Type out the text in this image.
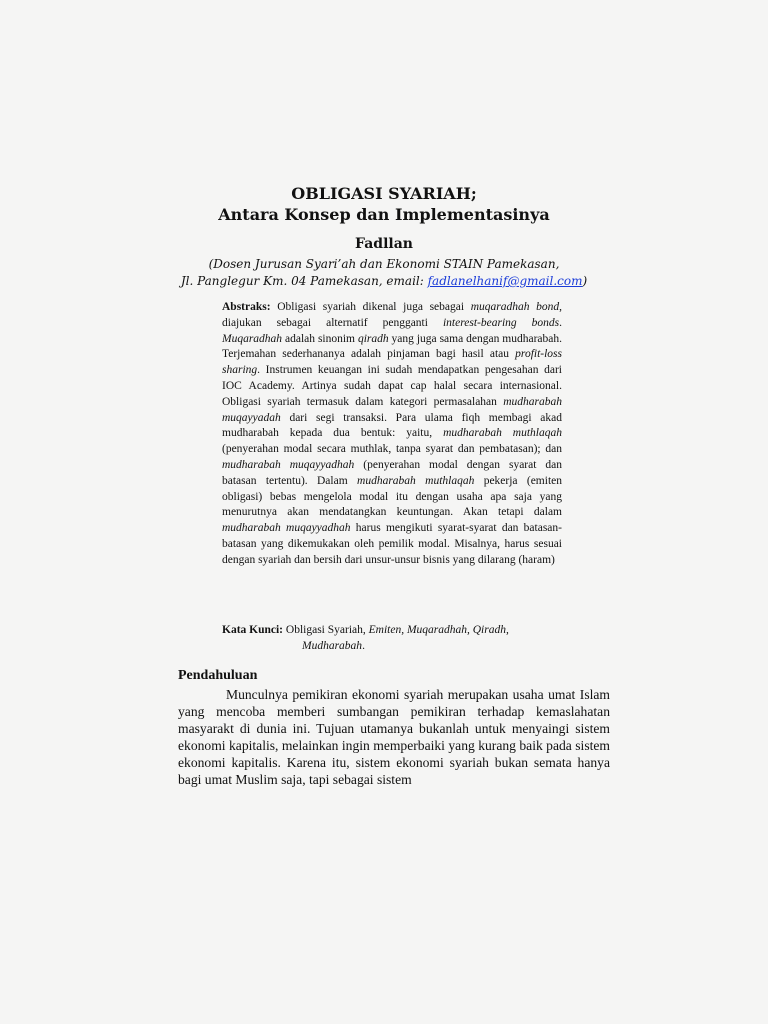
OBLIGASI SYARIAH;

Antara Konsep dan Implementasinya

Fadllan
(Dosen Jurusan Syari’ah dan Ekonomi STAIN Pamekasan,
Jl. Panglegur Km. 04 Pamekasan, email: fadlanelhanif@gmail.com)
Abstraks: Obligasi syariah dikenal juga sebagai muqaradhah bond, diajukan sebagai alternatif pengganti interest-bearing bonds. Muqaradhah adalah sinonim qiradh yang juga sama dengan mudharabah. Terjemahan sederhananya adalah pinjaman bagi hasil atau profit-loss sharing. Instrumen keuangan ini sudah mendapatkan pengesahan dari IOC Academy. Artinya sudah dapat cap halal secara internasional. Obligasi syariah termasuk dalam kategori permasalahan mudharabah muqayyadah dari segi transaksi. Para ulama fiqh membagi akad mudharabah kepada dua bentuk: yaitu, mudharabah muthlaqah (penyerahan modal secara muthlak, tanpa syarat dan pembatasan); dan mudharabah muqayyadhah (penyerahan modal dengan syarat dan batasan tertentu). Dalam mudharabah muthlaqah pekerja (emiten obligasi) bebas mengelola modal itu dengan usaha apa saja yang menurutnya akan mendatangkan keuntungan. Akan tetapi dalam mudharabah muqayyadhah harus mengikuti syarat-syarat dan batasan-batasan yang dikemukakan oleh pemilik modal. Misalnya, harus sesuai dengan syariah dan bersih dari unsur-unsur bisnis yang dilarang (haram)
Kata Kunci: Obligasi Syariah, Emiten, Muqaradhah, Qiradh,
Mudharabah.
Pendahuluan
Munculnya pemikiran ekonomi syariah merupakan usaha umat Islam yang mencoba memberi sumbangan pemikiran terhadap kemaslahatan masyarakt di dunia ini. Tujuan utamanya bukanlah untuk menyaingi sistem ekonomi kapitalis, melainkan ingin memperbaiki yang kurang baik pada sistem ekonomi kapitalis. Karena itu, sistem ekonomi syariah bukan semata hanya bagi umat Muslim saja, tapi sebagai sistem
